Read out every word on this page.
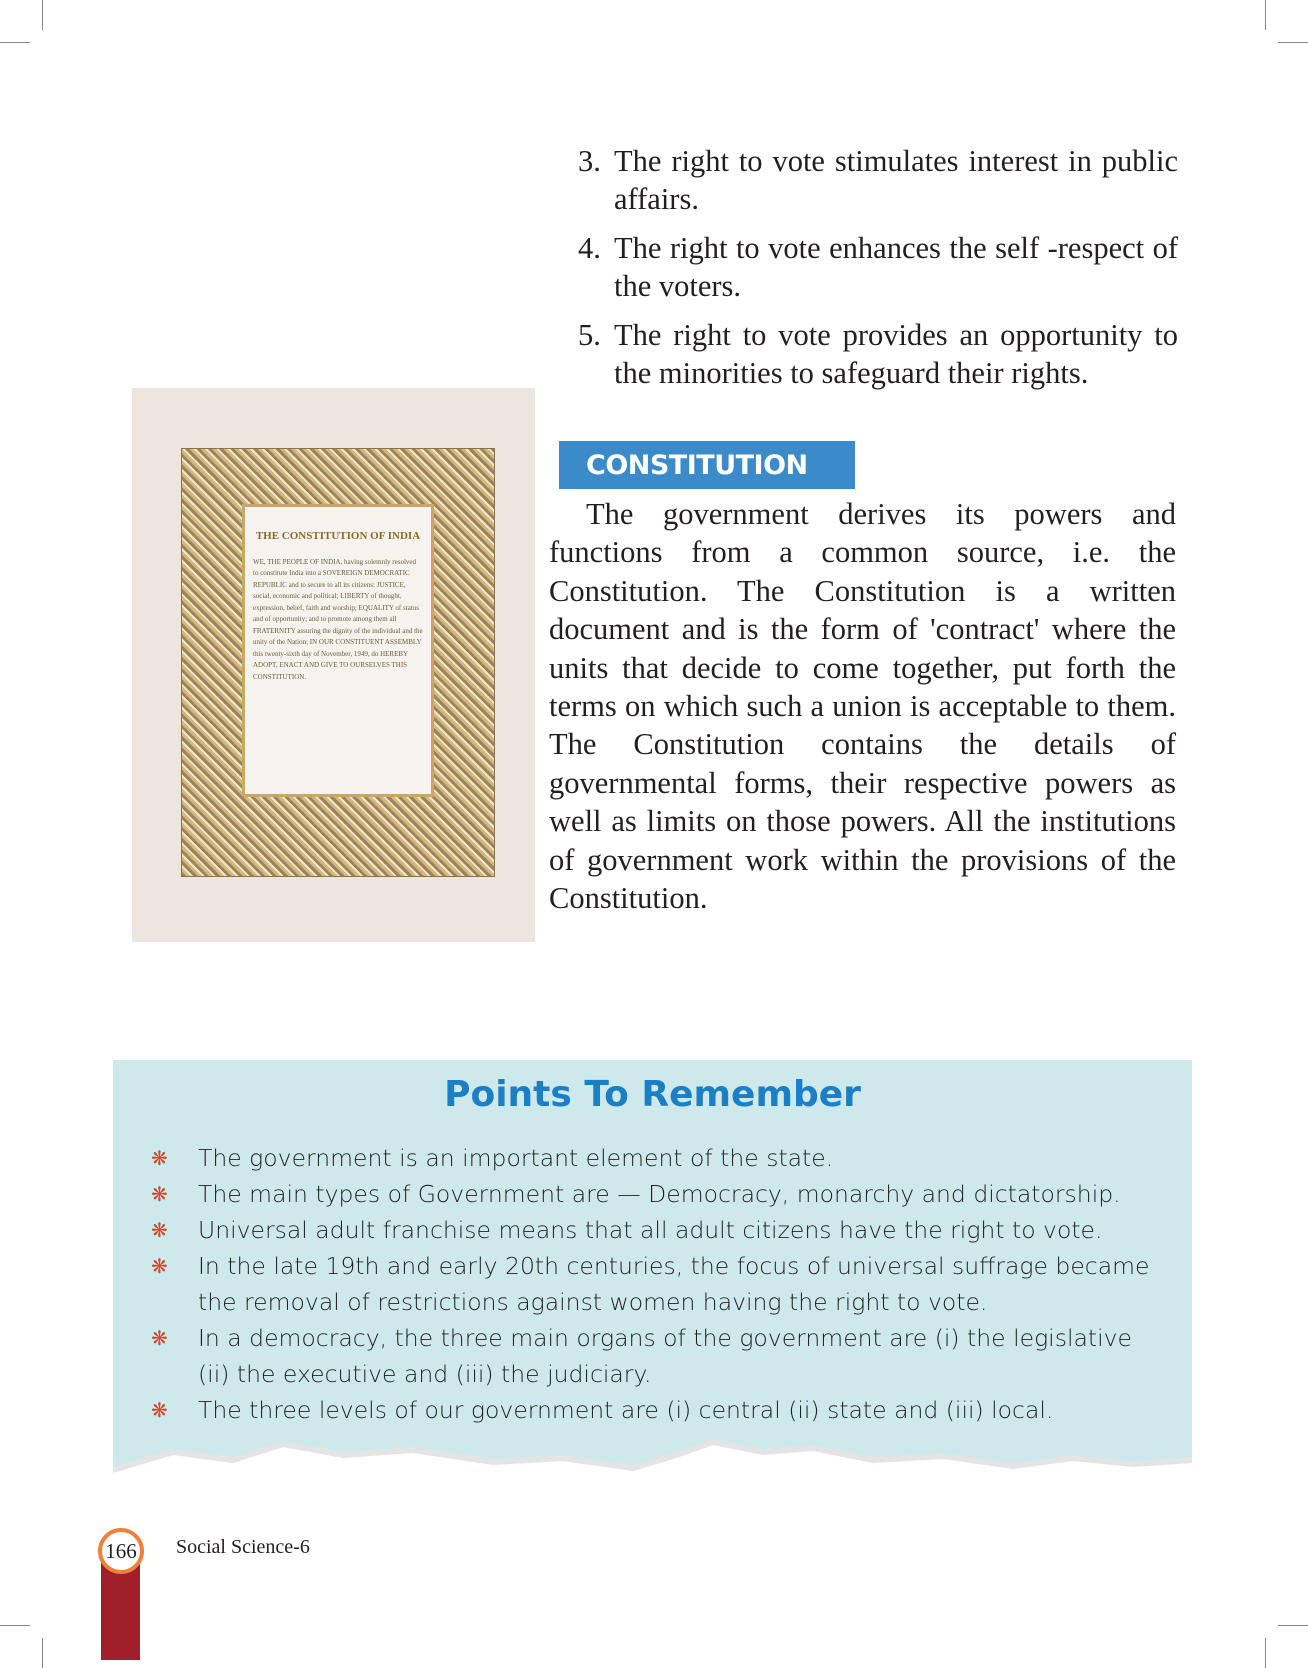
3. The right to vote stimulates interest in public affairs.
4. The right to vote enhances the self -respect of the voters.
5. The right to vote provides an opportunity to the minorities to safeguard their rights.
CONSTITUTION
The government derives its powers and functions from a common source, i.e. the Constitution. The Constitution is a written document and is the form of 'contract' where the units that decide to come together, put forth the terms on which such a union is acceptable to them. The Constitution contains the details of governmental forms, their respective powers as well as limits on those powers. All the institutions of government work within the provisions of the Constitution.
THE CONSTITUTION OF INDIA
WE, THE PEOPLE OF INDIA, having solemnly resolved to constitute India into a SOVEREIGN DEMOCRATIC REPUBLIC and to secure to all its citizens: JUSTICE, social, economic and political; LIBERTY of thought, expression, belief, faith and worship; EQUALITY of status and of opportunity; and to promote among them all FRATERNITY assuring the dignity of the individual and the unity of the Nation; IN OUR CONSTITUENT ASSEMBLY this twenty-sixth day of November, 1949, do HEREBY ADOPT, ENACT AND GIVE TO OURSELVES THIS CONSTITUTION.
Points To Remember
❋	The government is an important element of the state.
❋	The main types of Government are — Democracy, monarchy and dictatorship.
❋	Universal adult franchise means that all adult citizens have the right to vote.
❋	In the late 19th and early 20th centuries, the focus of universal suffrage became the removal of restrictions against women having the right to vote.
❋	In a democracy, the three main organs of the government are (i) the legislative (ii) the executive and (iii) the judiciary.
❋	The three levels of our government are (i) central (ii) state and (iii) local.
166	Social Science-6
